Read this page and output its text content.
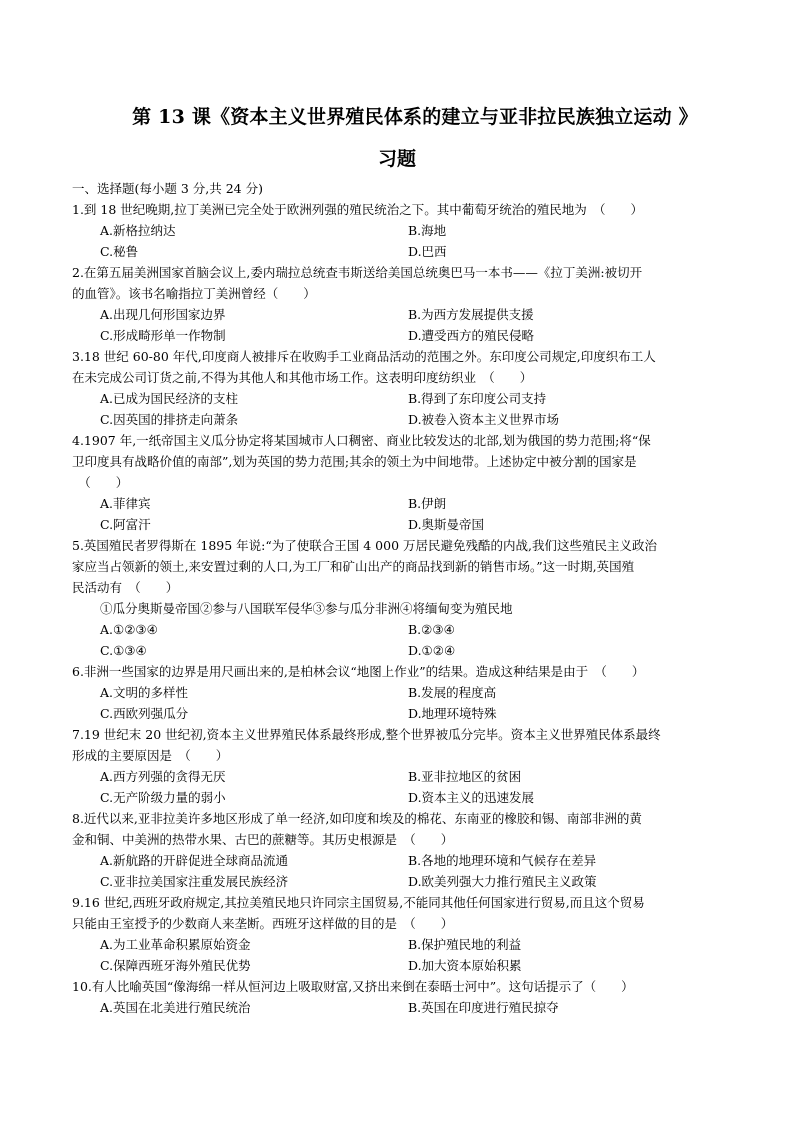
第 13 课《资本主义世界殖民体系的建立与亚非拉民族独立运动 》
习题
一、选择题(每小题 3 分,共 24 分)
1.到 18 世纪晚期,拉丁美洲已完全处于欧洲列强的殖民统治之下。其中葡萄牙统治的殖民地为　（　　）
A.新格拉纳达	B.海地
C.秘鲁	D.巴西
2.在第五届美洲国家首脑会议上,委内瑞拉总统查韦斯送给美国总统奥巴马一本书——《拉丁美洲:被切开
的血管》。该书名喻指拉丁美洲曾经（　　）
A.出现几何形国家边界	B.为西方发展提供支援
C.形成畸形单一作物制	D.遭受西方的殖民侵略
3.18 世纪 60-80 年代,印度商人被排斥在收购手工业商品活动的范围之外。东印度公司规定,印度织布工人
在未完成公司订货之前,不得为其他人和其他市场工作。这表明印度纺织业　（　　）
A.已成为国民经济的支柱	B.得到了东印度公司支持
C.因英国的排挤走向萧条	D.被卷入资本主义世界市场
4.1907 年,一纸帝国主义瓜分协定将某国城市人口稠密、商业比较发达的北部,划为俄国的势力范围;将“保
卫印度具有战略价值的南部”,划为英国的势力范围;其余的领土为中间地带。上述协定中被分割的国家是
　（　　）
A.菲律宾	B.伊朗
C.阿富汗	D.奥斯曼帝国
5.英国殖民者罗得斯在 1895 年说:“为了使联合王国 4 000 万居民避免残酷的内战,我们这些殖民主义政治
家应当占领新的领土,来安置过剩的人口,为工厂和矿山出产的商品找到新的销售市场。”这一时期,英国殖
民活动有　（　　）
①瓜分奥斯曼帝国②参与八国联军侵华③参与瓜分非洲④将缅甸变为殖民地
A.①②③④	B.②③④
C.①③④	D.①②④
6.非洲一些国家的边界是用尺画出来的,是柏林会议“地图上作业”的结果。造成这种结果是由于　（　　）
A.文明的多样性	B.发展的程度高
C.西欧列强瓜分	D.地理环境特殊
7.19 世纪末 20 世纪初,资本主义世界殖民体系最终形成,整个世界被瓜分完毕。资本主义世界殖民体系最终
形成的主要原因是　（　　）
A.西方列强的贪得无厌	B.亚非拉地区的贫困
C.无产阶级力量的弱小	D.资本主义的迅速发展
8.近代以来,亚非拉美许多地区形成了单一经济,如印度和埃及的棉花、东南亚的橡胶和锡、南部非洲的黄
金和铜、中美洲的热带水果、古巴的蔗糖等。其历史根源是　（　　）
A.新航路的开辟促进全球商品流通	B.各地的地理环境和气候存在差异
C.亚非拉美国家注重发展民族经济	D.欧美列强大力推行殖民主义政策
9.16 世纪,西班牙政府规定,其拉美殖民地只许同宗主国贸易,不能同其他任何国家进行贸易,而且这个贸易
只能由王室授予的少数商人来垄断。西班牙这样做的目的是　（　　）
A.为工业革命积累原始资金	B.保护殖民地的利益
C.保障西班牙海外殖民优势	D.加大资本原始积累
10.有人比喻英国“像海绵一样从恒河边上吸取财富,又挤出来倒在泰晤士河中”。这句话提示了（　　）
A.英国在北美进行殖民统治	B.英国在印度进行殖民掠夺
